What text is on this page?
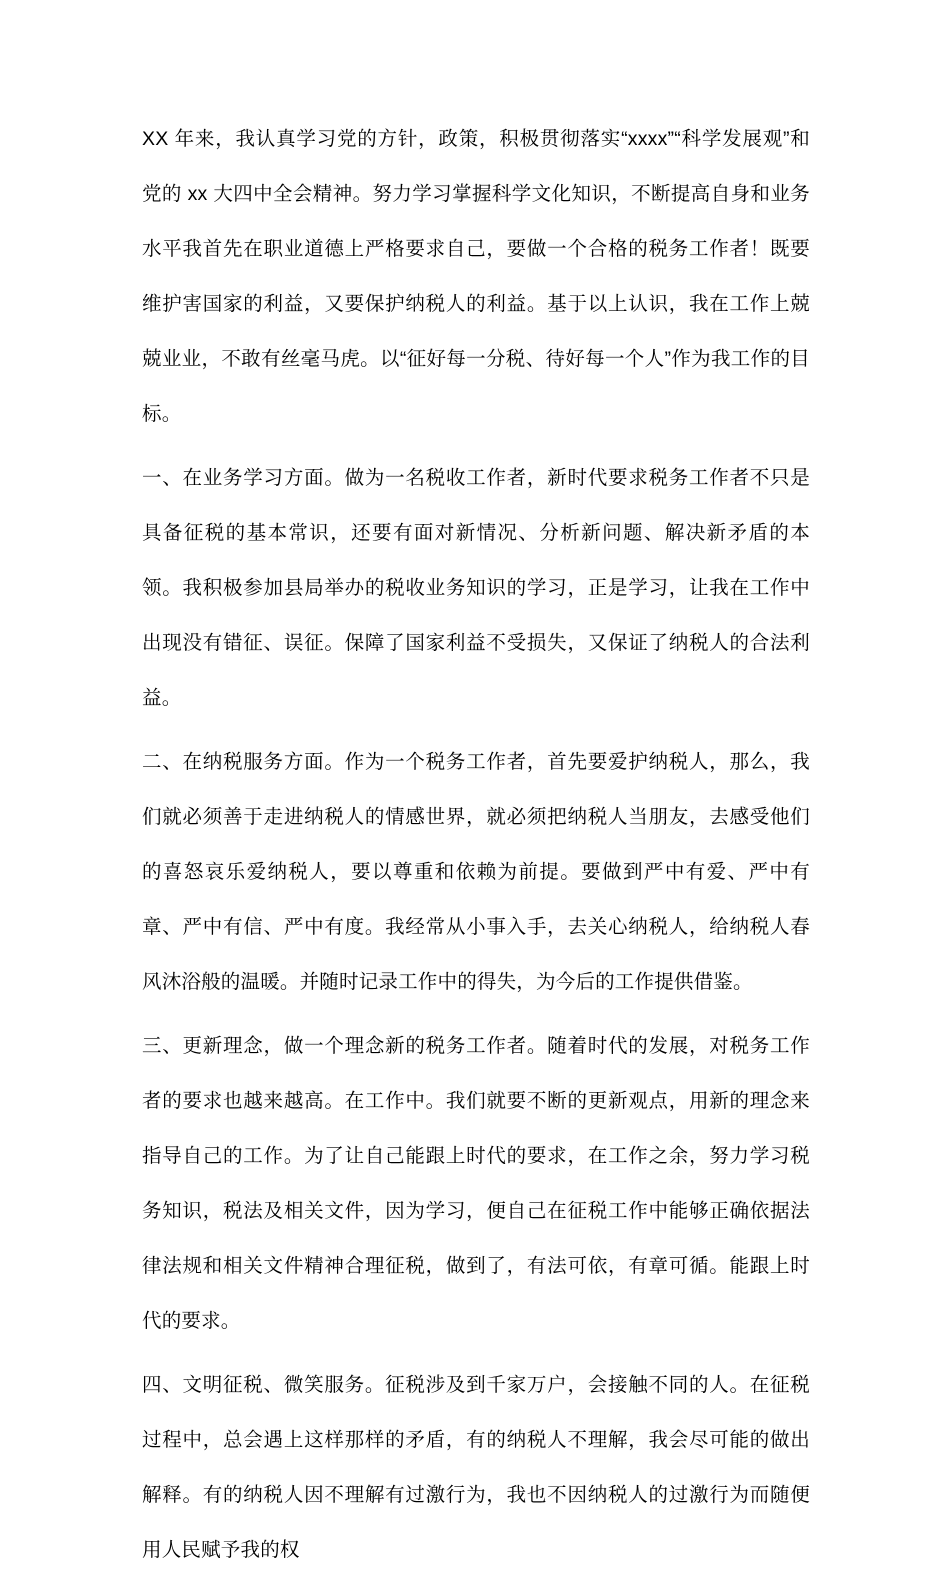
XX 年来，我认真学习党的方针，政策，积极贯彻落实“xxxx”“科学发展观”和党的 xx 大四中全会精神。努力学习掌握科学文化知识，不断提高自身和业务水平我首先在职业道德上严格要求自己，要做一个合格的税务工作者！既要维护害国家的利益，又要保护纳税人的利益。基于以上认识，我在工作上兢兢业业，不敢有丝毫马虎。以“征好每一分税、待好每一个人”作为我工作的目标。

一、在业务学习方面。做为一名税收工作者，新时代要求税务工作者不只是具备征税的基本常识，还要有面对新情况、分析新问题、解决新矛盾的本领。我积极参加县局举办的税收业务知识的学习，正是学习，让我在工作中出现没有错征、误征。保障了国家利益不受损失，又保证了纳税人的合法利益。

二、在纳税服务方面。作为一个税务工作者，首先要爱护纳税人，那么，我们就必须善于走进纳税人的情感世界，就必须把纳税人当朋友，去感受他们的喜怒哀乐爱纳税人，要以尊重和依赖为前提。要做到严中有爱、严中有章、严中有信、严中有度。我经常从小事入手，去关心纳税人，给纳税人春风沐浴般的温暖。并随时记录工作中的得失，为今后的工作提供借鉴。

三、更新理念，做一个理念新的税务工作者。随着时代的发展，对税务工作者的要求也越来越高。在工作中。我们就要不断的更新观点，用新的理念来指导自己的工作。为了让自己能跟上时代的要求，在工作之余，努力学习税务知识，税法及相关文件，因为学习，便自己在征税工作中能够正确依据法律法规和相关文件精神合理征税，做到了，有法可依，有章可循。能跟上时代的要求。

四、文明征税、微笑服务。征税涉及到千家万户，会接触不同的人。在征税过程中，总会遇上这样那样的矛盾，有的纳税人不理解，我会尽可能的做出解释。有的纳税人因不理解有过激行为，我也不因纳税人的过激行为而随便用人民赋予我的权
